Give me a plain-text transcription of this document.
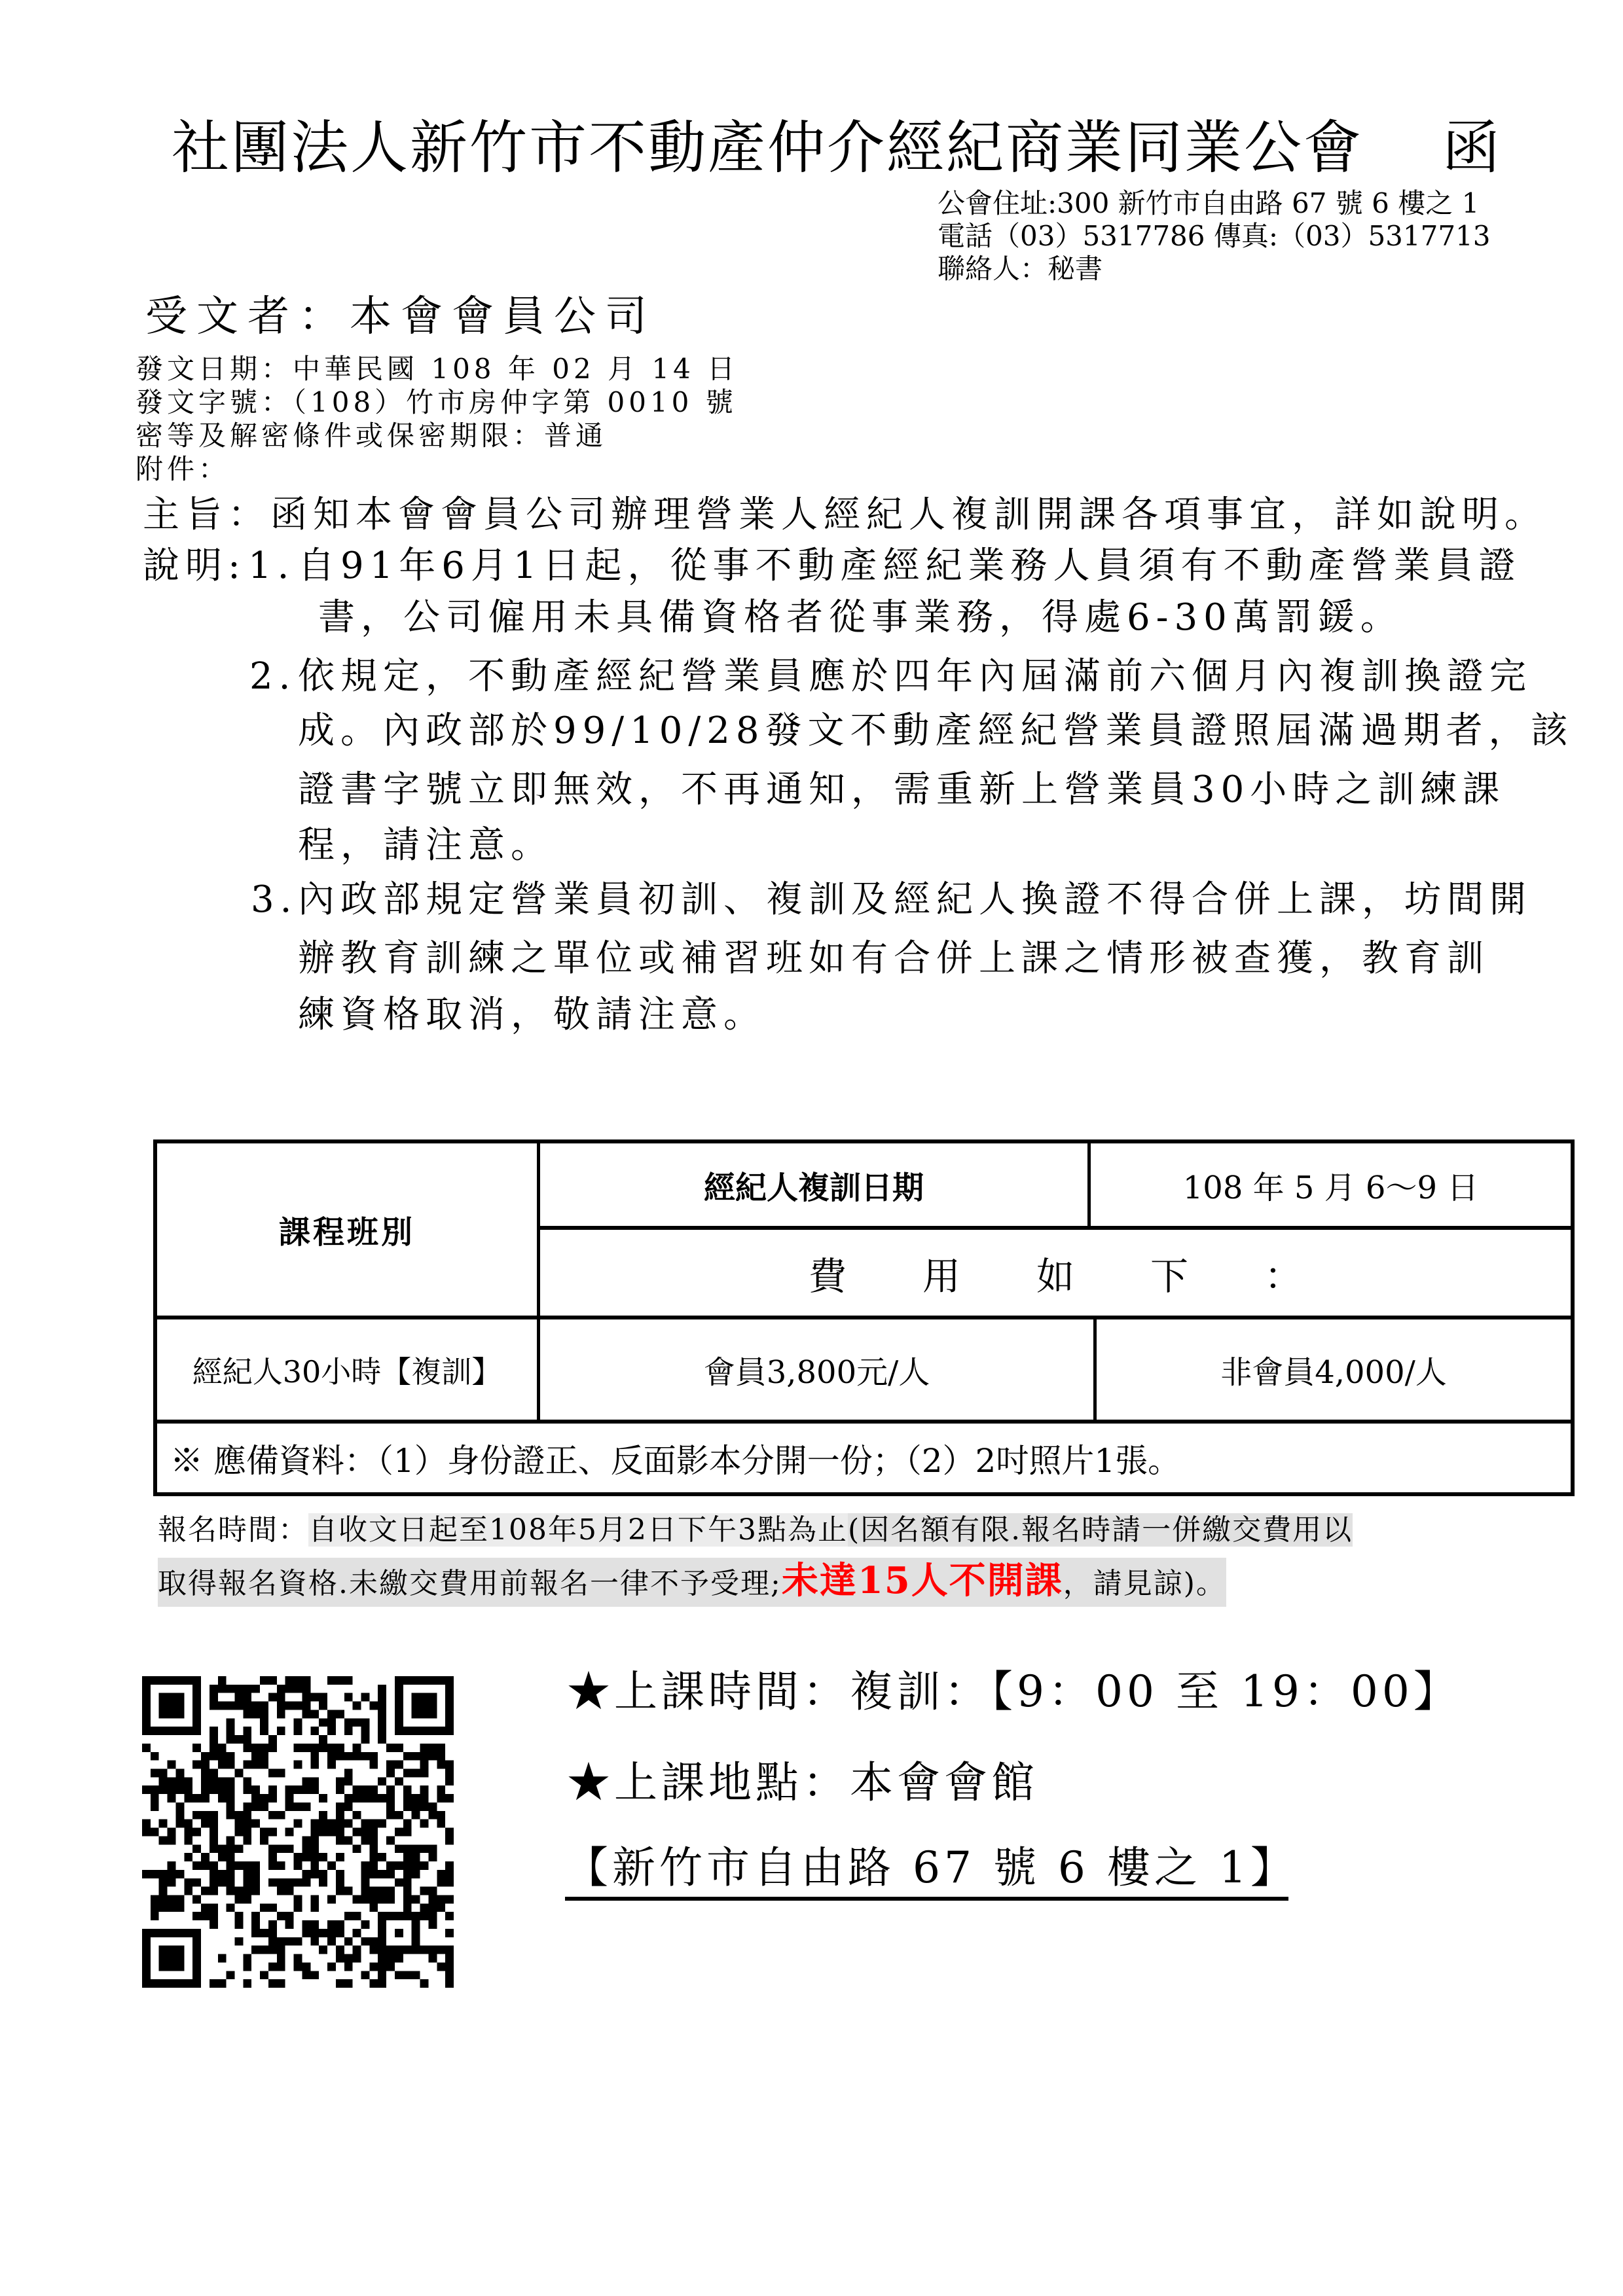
社團法人新竹市不動產仲介經紀商業同業公會 函
公會住址:300 新竹市自由路 67 號 6 樓之 1
電話（03）5317786 傳真:（03）5317713
聯絡人：秘書
受文者：本會會員公司
發文日期：中華民國 108 年 02 月 14 日
發文字號：（108）竹市房仲字第 0010 號
密等及解密條件或保密期限：普通
附件：
主旨：函知本會會員公司辦理營業人經紀人複訓開課各項事宜，詳如說明。
說明: 1. 自91年6月1日起，從事不動產經紀業務人員須有不動產營業員證
書，公司僱用未具備資格者從事業務，得處6-30萬罰鍰。
2. 依規定，不動產經紀營業員應於四年內屆滿前六個月內複訓換證完
成。內政部於99/10/28發文不動產經紀營業員證照屆滿過期者，該
證書字號立即無效，不再通知，需重新上營業員30小時之訓練課
程，請注意。
3. 內政部規定營業員初訓、複訓及經紀人換證不得合併上課，坊間開
辦教育訓練之單位或補習班如有合併上課之情形被查獲，教育訓
練資格取消，敬請注意。
課程班別
經紀人複訓日期	108 年 5 月 6～9 日
費　　用　　如　　下　　：
經紀人30小時【複訓】	會員3,800元/人	非會員4,000/人
※ 應備資料：（1）身份證正、反面影本分開一份；（2）2吋照片1張。
報名時間：自收文日起至108年5月2日下午3點為止(因名額有限.報名時請一併繳交費用以
取得報名資格.未繳交費用前報名一律不予受理;未達15人不開課，請見諒)。
★上課時間：複訓：【9：00 至 19：00】
★上課地點：本會會館
【新竹市自由路 67 號 6 樓之 1】
